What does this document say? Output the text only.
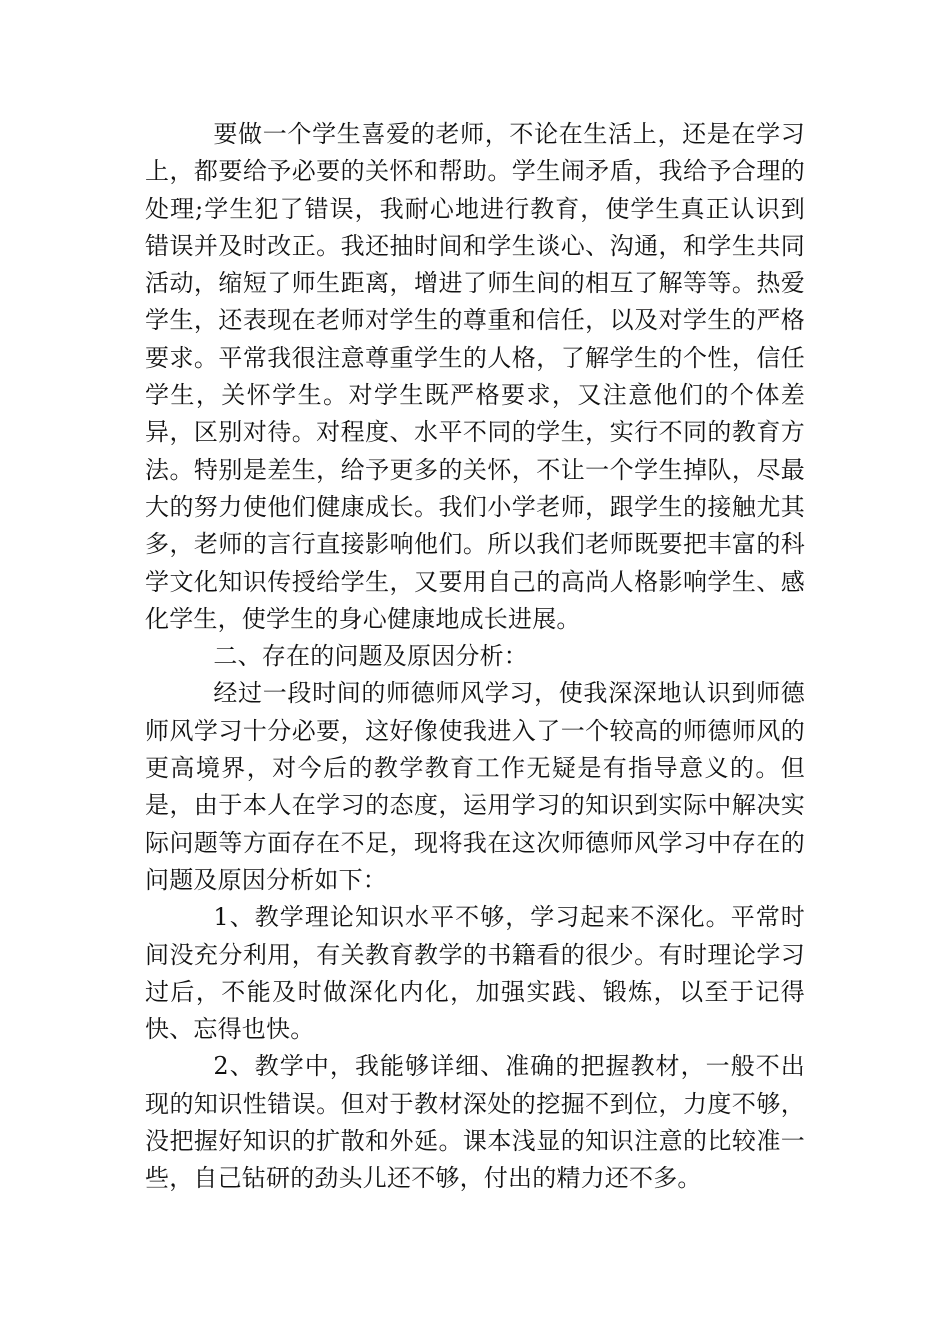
要做一个学生喜爱的老师，不论在生活上，还是在学习上，都要给予必要的关怀和帮助。学生闹矛盾，我给予合理的处理;学生犯了错误，我耐心地进行教育，使学生真正认识到错误并及时改正。我还抽时间和学生谈心、沟通，和学生共同活动，缩短了师生距离，增进了师生间的相互了解等等。热爱学生，还表现在老师对学生的尊重和信任，以及对学生的严格要求。平常我很注意尊重学生的人格，了解学生的个性，信任学生，关怀学生。对学生既严格要求，又注意他们的个体差异，区别对待。对程度、水平不同的学生，实行不同的教育方法。特别是差生，给予更多的关怀，不让一个学生掉队，尽最大的努力使他们健康成长。我们小学老师，跟学生的接触尤其多，老师的言行直接影响他们。所以我们老师既要把丰富的科学文化知识传授给学生，又要用自己的高尚人格影响学生、感化学生，使学生的身心健康地成长进展。

二、存在的问题及原因分析：

经过一段时间的师德师风学习，使我深深地认识到师德师风学习十分必要，这好像使我进入了一个较高的师德师风的更高境界，对今后的教学教育工作无疑是有指导意义的。但是，由于本人在学习的态度，运用学习的知识到实际中解决实际问题等方面存在不足，现将我在这次师德师风学习中存在的问题及原因分析如下：

1、教学理论知识水平不够，学习起来不深化。平常时间没充分利用，有关教育教学的书籍看的很少。有时理论学习过后，不能及时做深化内化，加强实践、锻炼，以至于记得快、忘得也快。

2、教学中，我能够详细、准确的把握教材，一般不出现的知识性错误。但对于教材深处的挖掘不到位，力度不够，没把握好知识的扩散和外延。课本浅显的知识注意的比较准一些，自己钻研的劲头儿还不够，付出的精力还不多。
